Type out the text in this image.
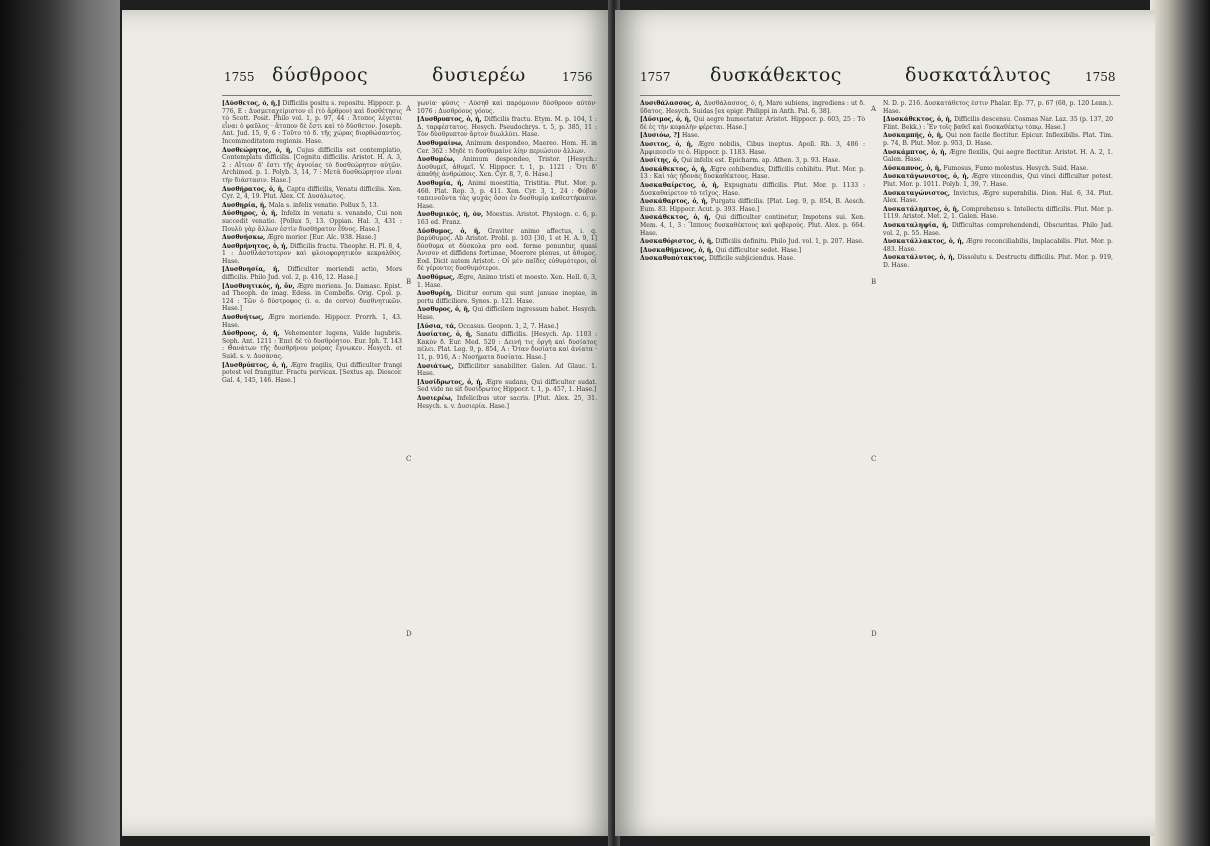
1755 δύσθροος	δυσιερέω	1756
[Δύσθετος, ὁ, ἡ,] Difficilis positu s. repositu. Hippocr. p. 776, E : Δυσμεταχείριστον εἶ (τὸ ἄρθρον) καὶ δυσθέτησις τὸ Scott. Posit. Philo vol. 1, p. 97, 44 : Ἄτοπος λέγεται εἶναι ὁ φαῦλος · ἄτοπον δὲ ἔστι καὶ τὸ δύσθετον. Joseph. Ant. Jud. 15, 9, 6 : Τοῦτο τὸ δ. τῆς χώρας διορθώσαντος. Incommoditatem regionis. Hase.
Δυσθεώρητος, ὁ, ἡ, Cujus difficilis est contemplatio, Contemplatu difficilis. [Cognitu difficilis. Aristot. H. A. 3, 2 : Αἴτιον δ' ἐστι τῆς ἀγνοίας τὸ δυσθεώρητον αὐτῶν. Archimed. p. 1. Polyb. 3, 14, 7 : Μετὰ δυσθεώρητον εἶναι τὴν διάστασιν. Hase.]
Δυσθήρατος, ὁ, ἡ, Captu difficilis, Venatu difficilis. Xen. Cyr. 2, 4, 19. Plut. Alex. Cf. Δυσάλωτος.
Δυσθηρία, ἡ, Mala s. infelix venatio. Pollux 5, 13.
Δύσθηρος, ὁ, ἡ, Infelix in venatu s. venando, Cui non succedit venatio. [Pollux 5, 13. Oppian. Hal. 3, 431 : Πουλὺ γὰρ ἄλλων ἐστὶν δυσθήρατον ἔθνος. Hase.]
Δυσθνήσκω, Ægre morior. [Eur. Alc. 938. Hase.]
Δυσθρήνητος, ὁ, ἡ, Difficilis fractu. Theophr. H. Pl. 8, 4, 1 : Δυσθλάστοτερον καὶ φλοιοφορητικὸν κεκραλθός. Hase.
[Δυσθνησία, ἡ, Difficulter moriendi actio, Mors difficilis. Philo Jud. vol. 2, p. 416, 12. Hase.]
[Δυσθνητικός, ἡ, ὄν, Ægre moriens. Jo. Damasc. Epist. ad Theoph. de imag. Edess. in Combefis. Orig. Cpol. p. 124 : Τῶν ὁ δύστροφος (i. e. de cervo) δυσθνητικῶν. Hase.]
Δυσθνήτως, Ægre moriendo. Hippocr. Prorrh. 1, 43. Hase.
Δύσθροος, ὁ, ἡ, Vehementer lugens, Valde lugubris. Soph. Ant. 1211 : Ἐπεὶ δὲ τὸ δυσθρόητον. Eur. Iph. T. 143 : Θανάτων τῆς δυσθρήνου μοίρας ἔγνωκεν. Hesych. et Suid. s. v. Δυσάνας.
[Δυσθρύπτος, ὁ, ἡ, Ægre fragilis, Qui difficulter frangi potest vel frangitur. Fractu pervicax. [Sextus ap. Dioscor. Gal. 4, 145, 146. Hase.]
A
B
C
D
γωνία· φύσις · Αὐσηθ καὶ παρόμοιον δύσθροον αὐτὸν· 1076 : Δυσθρόους γόους.
[Δυσθρυπτος, ὁ, ἡ, Difficilis fractu. Etym. M. p. 104, 1 : Δ. ταρφέστατος. Hesych. Pseudochrys. t. 5, p. 385, 11 : Τὸν δύσθρυπτον ἄρτον διωλλύει. Hase.
Δυσθυμαίνω, Animum despondeo, Maereo. Hom. H. in Cer. 362 : Μηδὲ τι δυσθυμαίνε λίην περιώσιον ἄλλων.
Δυσθυμέω, Animum despondeo, Tristor. [Hesych.: Δυσθυμεῖ, ἀθυμεῖ. V. Hippocr. t. 1, p. 1121 : Ὅτι δ' ἀπαθὴς ἀνθρώποις. Xen. Cyr. 8, 7, 6. Hase.]
Δυσθυμία, ἡ, Animi moestitia, Tristitia. Plut. Mor. p. 468. Plat. Rep. 3, p. 411. Xen. Cyr. 3, 1, 24 : Φόβον ταπεινοῦντα τὰς ψυχάς ὅσοι ἐν δυσθυμίᾳ καθεστήκασιν. Hase.
Δυσθυμικός, ή, όν, Moestus. Aristot. Physiogn. c. 6, p. 163 ed. Franz.
Δύσθυμος, ὁ, ἡ, Graviter animo affectus, i. q. βαρύθυμος. Ab Aristot. Probl. p. 103 [30, 1 et H. A. 9, 1] δύσθυμα et δύσκολα pro eod. ferme ponuntur, quasi Ἀνισον et diffidens fortunae, Moerore plenus, ut ἄθυμος. Eod. Dicit autem Aristot. : Οἱ μὲν παῖδες εὐθυμότεροι, οἱ δὲ γέροντες δυσθυμότεροι.
Δυσθύμως, Ægre, Animo tristi et moesto. Xen. Hell. 6, 3, 1. Hase.
Δυσθυρίη, Dicitur eorum qui sunt januae inopiae, in portu difficiliore. Synes. p. 121. Hase.
Δυσθυρος, ὁ, ἡ, Qui difficilem ingressum habet. Hesych. Hase.
[Δύσια, τά, Occasus. Geopon. 1, 2, 7. Hase.]
Δυσίατος, ὁ, ἡ, Sanatu difficilis. [Hesych. Ap. 1103 : Κακὸν δ. Eur. Med. 520 : Δεινή τις ὀργὴ καὶ δυσίατος πέλει. Plat. Leg. 9, p. 854, A : Ὅταν δυσίατα καὶ ἀνίατα · 11, p. 916, A : Νοσήματα δυσίατα. Hase.]
Δυσιάτως, Difficiliter sanabiliter. Galen. Ad Glauc. 1. Hase.
[Δυσίδρωτος, ὁ, ἡ, Ægre sudans, Qui difficulter sudat. Sed vide ne sit δυσίδρωτος Hippocr. t. 1, p. 457, 1. Hase.]
Δυσιερέω, Infelicibus utor sacris. [Plut. Alex. 25, 31. Hesych. s. v. Δυσιερία. Hase.]
1757 δυσκάθεκτος	δυσκατάλυτος	1758
Δυσιθάλασσος, ὁ, Δυσθάλασσος, ὁ, ἡ, Mare subiens, ingrediens : ut δ. ὕδατος. Hesych. Suidas [ex epigr. Philippi in Anth. Pal. 6, 38].
[Δύσιμος, ὁ, ἡ, Qui aegre humectatur. Aristot. Hippocr. p. 603, 25 : Τὸ δὲ ἐς τὴν κεφαλὴν φέρεται. Hase.]
[Δυσιόω, ?] Hase.
Δυσιτος, ὁ, ἡ, Ægre nobilis, Cibus ineptus. Apoll. Rh. 3, 486 : Ἀμφιπεσεῖν τε ὁ. Hippocr. p. 1183. Hase.
Δυσίτης, ὁ, Qui infelix est. Epicharm. ap. Athen. 3, p. 93. Hase.
Δυσκάθεκτος, ὁ, ἡ, Ægre cohibendus, Difficilis cohibitu. Plut. Mor. p. 13 : Καὶ τὰς ἡδονὰς δυσκαθέκτους. Hase.
Δυσκαθαίρετος, ὁ, ἡ, Expugnatu difficilis. Plut. Mor. p. 1133 : Δυσκαθαίρετον τὸ τεῖχος. Hase.
Δυσκάθαρτος, ὁ, ἡ, Purgatu difficilis. [Plat. Leg. 9, p. 854, B. Aesch. Eum. 83. Hippocr. Acut. p. 393. Hase.]
Δυσκάθεκτος, ὁ, ἡ, Qui difficulter continetur, Impotens sui. Xen. Mem. 4, 1, 3 : Ἵππους δυσκαθέκτους καὶ φοβερούς. Plut. Alex. p. 664. Hase.
Δυσκαθόριστος, ὁ, ἡ, Difficilis definitu. Philo Jud. vol. 1, p. 207. Hase.
[Δυσκαθήμενος, ὁ, ἡ, Qui difficulter sedet. Hase.]
Δυσκαθυπότακτος, Difficile subjiciendus. Hase.
A
B
C
D
N. D. p. 216. Δυσκατάθετος ἐστιν Phalar. Ep. 77, p. 67 (68, p. 120 Lenn.). Hase.
[Δυσκάθεκτος, ὁ, ἡ, Difficilis descensu. Cosmas Nar. Laz. 35 (p. 137, 20 Flint. Bekk.) : Ἔν τοῖς βαθεῖ καὶ δυσκαθέκτῳ τόπῳ. Hase.]
Δυσκαμπής, ὁ, ἡ, Qui non facile flectitur. Epicur. Inflexibilis. Plat. Tim. p. 74, B. Plut. Mor. p. 953, D. Hase.
Δυσκάμπτος, ὁ, ἡ, Ægre flexilis, Qui aegre flectitur. Aristot. H. A. 2, 1. Galen. Hase.
Δύσκαπνος, ὁ, ἡ, Fumosus, Fumo molestus. Hesych. Suid. Hase.
Δυσκατάγωνιστος, ὁ, ἡ, Ægre vincendus, Qui vinci difficulter potest. Plut. Mor. p. 1011. Polyb. 1, 39, 7. Hase.
Δυσκαταγώνιστος, Invictus, Ægre superabilis. Dion. Hal. 6, 34. Plut. Alex. Hase.
Δυσκατάληπτος, ὁ, ἡ, Comprehensu s. Intellectu difficilis. Plut. Mor. p. 1119. Aristot. Met. 2, 1. Galen. Hase.
Δυσκαταληψία, ἡ, Difficultas comprehendendi, Obscuritas. Philo Jud. vol. 2, p. 55. Hase.
Δυσκατάλλακτος, ὁ, ἡ, Ægre reconciliabilis, Implacabilis. Plut. Mor. p. 483. Hase.
Δυσκατάλυτος, ὁ, ἡ, Dissolutu s. Destructu difficilis. Plut. Mor. p. 919, D. Hase.
